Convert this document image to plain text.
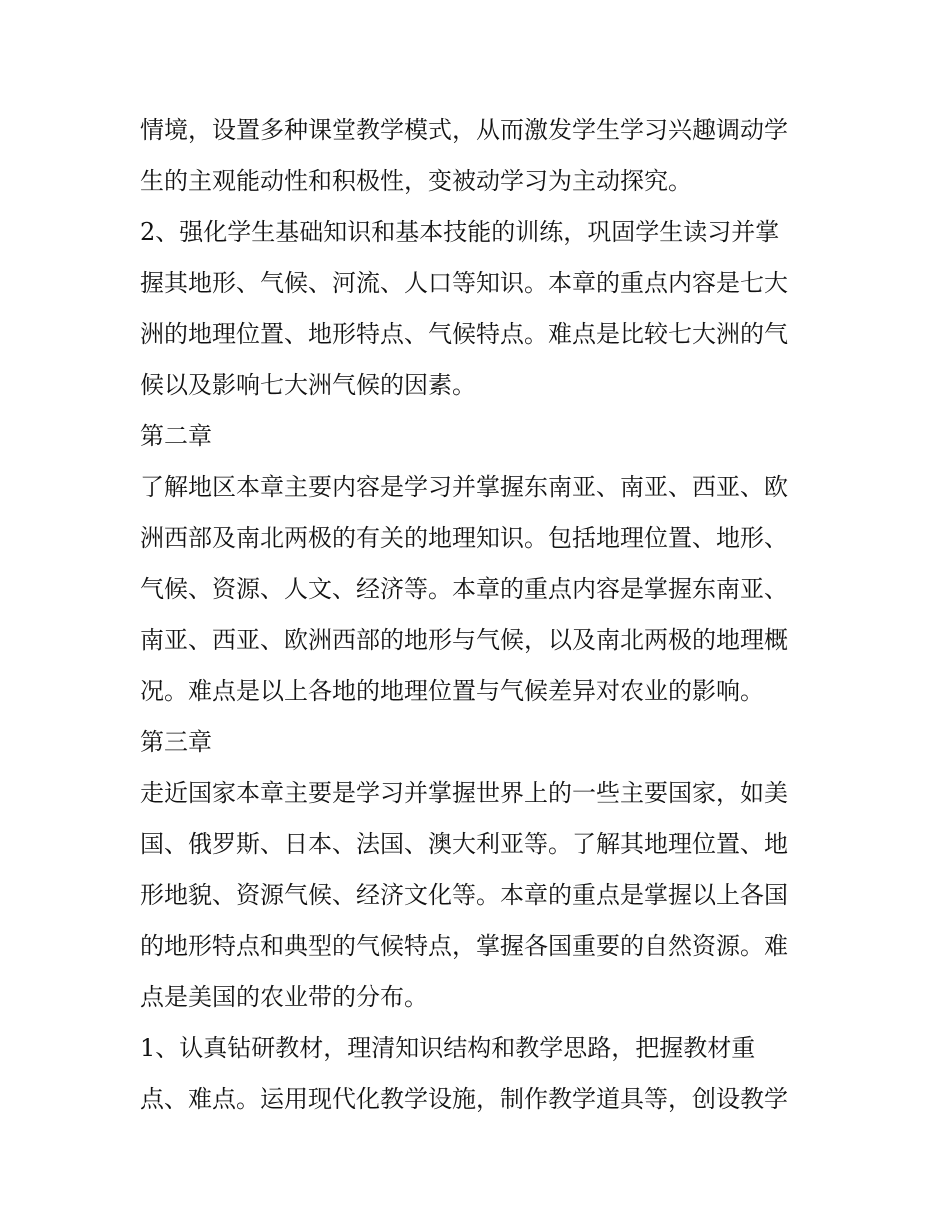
情境，设置多种课堂教学模式，从而激发学生学习兴趣调动学
生的主观能动性和积极性，变被动学习为主动探究。
2、强化学生基础知识和基本技能的训练，巩固学生读习并掌
握其地形、气候、河流、人口等知识。本章的重点内容是七大
洲的地理位置、地形特点、气候特点。难点是比较七大洲的气
候以及影响七大洲气候的因素。
第二章
了解地区本章主要内容是学习并掌握东南亚、南亚、西亚、欧
洲西部及南北两极的有关的地理知识。包括地理位置、地形、
气候、资源、人文、经济等。本章的重点内容是掌握东南亚、
南亚、西亚、欧洲西部的地形与气候，以及南北两极的地理概
况。难点是以上各地的地理位置与气候差异对农业的影响。
第三章
走近国家本章主要是学习并掌握世界上的一些主要国家，如美
国、俄罗斯、日本、法国、澳大利亚等。了解其地理位置、地
形地貌、资源气候、经济文化等。本章的重点是掌握以上各国
的地形特点和典型的气候特点，掌握各国重要的自然资源。难
点是美国的农业带的分布。
1、认真钻研教材，理清知识结构和教学思路，把握教材重
点、难点。运用现代化教学设施，制作教学道具等，创设教学
